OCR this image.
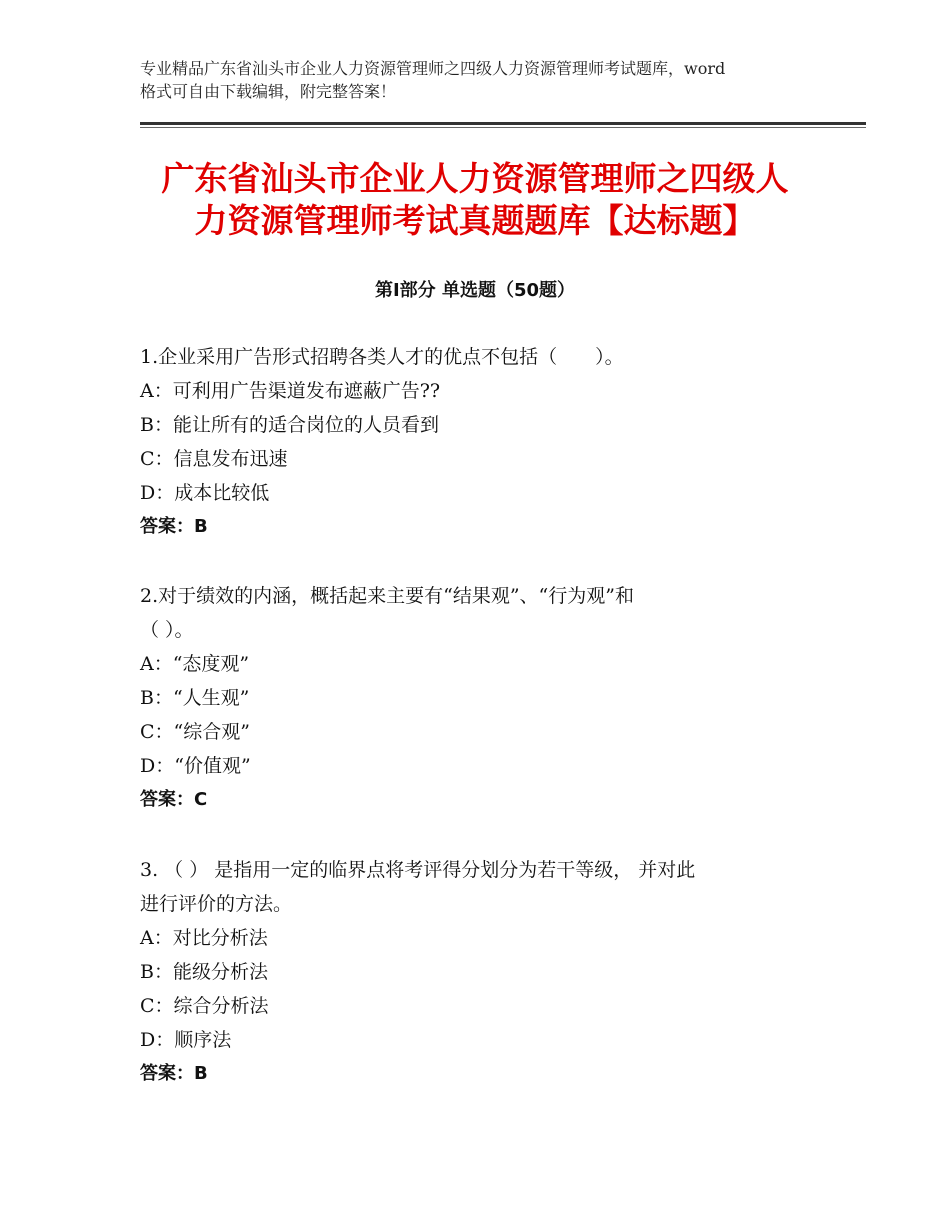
专业精品广东省汕头市企业人力资源管理师之四级人力资源管理师考试题库，word
格式可自由下载编辑，附完整答案！
广东省汕头市企业人力资源管理师之四级人
力资源管理师考试真题题库【达标题】
第Ⅰ部分 单选题（50题）
1.企业采用广告形式招聘各类人才的优点不包括（　　）。
A：可利用广告渠道发布遮蔽广告??
B：能让所有的适合岗位的人员看到
C：信息发布迅速
D：成本比较低
答案：B
2.对于绩效的内涵，概括起来主要有“结果观”、“行为观”和
（ ）。
A：“态度观”
B：“人生观”
C：“综合观”
D：“价值观”
答案：C
3. （ ） 是指用一定的临界点将考评得分划分为若干等级， 并对此
进行评价的方法。
A：对比分析法
B：能级分析法
C：综合分析法
D：顺序法
答案：B
